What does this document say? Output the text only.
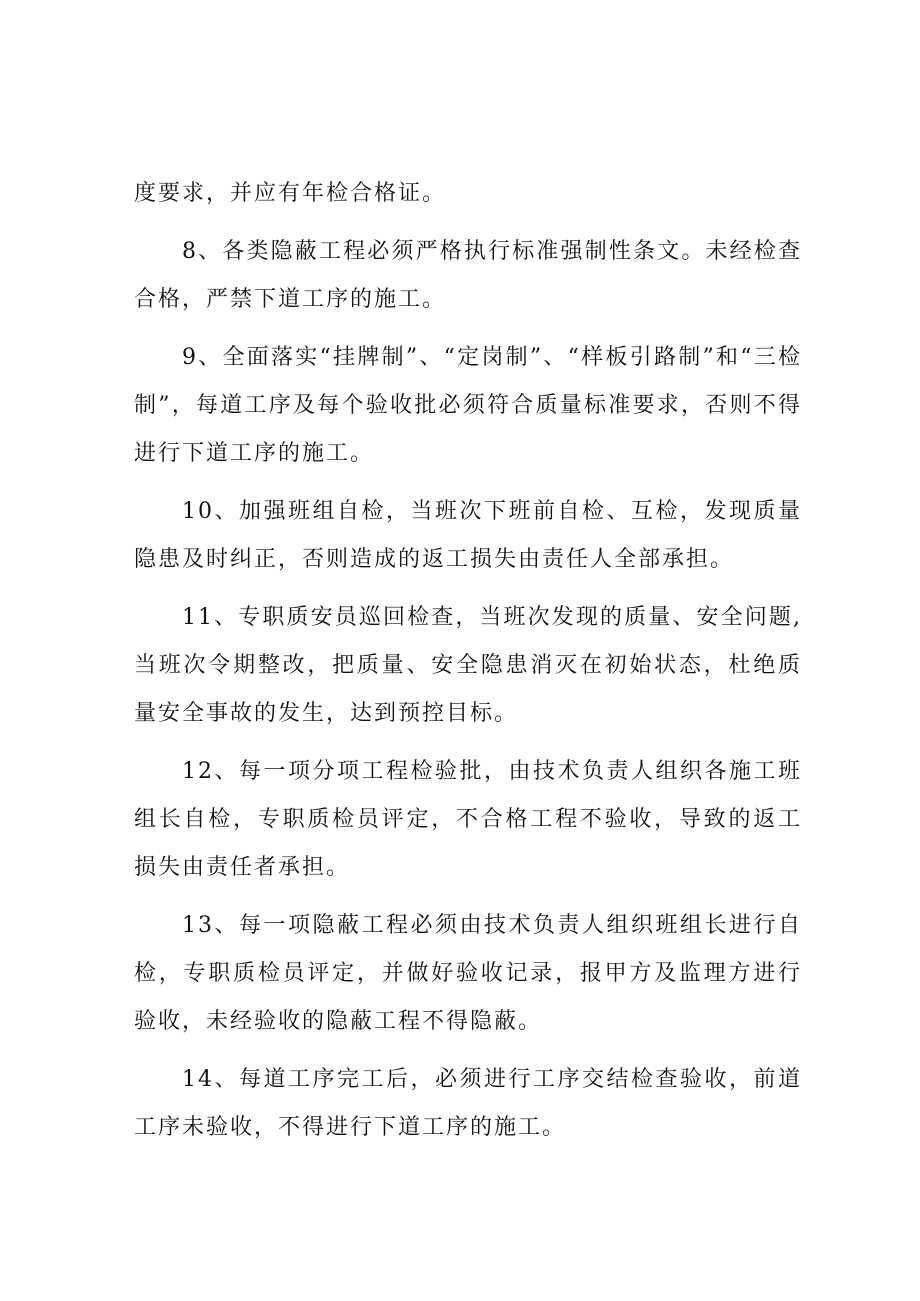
度要求，并应有年检合格证。

8、各类隐蔽工程必须严格执行标准强制性条文。未经检查合格，严禁下道工序的施工。

9、全面落实“挂牌制”、“定岗制”、“样板引路制”和“三检制”，每道工序及每个验收批必须符合质量标准要求，否则不得进行下道工序的施工。

10、加强班组自检，当班次下班前自检、互检，发现质量隐患及时纠正，否则造成的返工损失由责任人全部承担。

11、专职质安员巡回检查，当班次发现的质量、安全问题,当班次令期整改，把质量、安全隐患消灭在初始状态，杜绝质量安全事故的发生，达到预控目标。

12、每一项分项工程检验批，由技术负责人组织各施工班组长自检，专职质检员评定，不合格工程不验收，导致的返工损失由责任者承担。

13、每一项隐蔽工程必须由技术负责人组织班组长进行自检，专职质检员评定，并做好验收记录，报甲方及监理方进行验收，未经验收的隐蔽工程不得隐蔽。

14、每道工序完工后，必须进行工序交结检查验收，前道工序未验收，不得进行下道工序的施工。
